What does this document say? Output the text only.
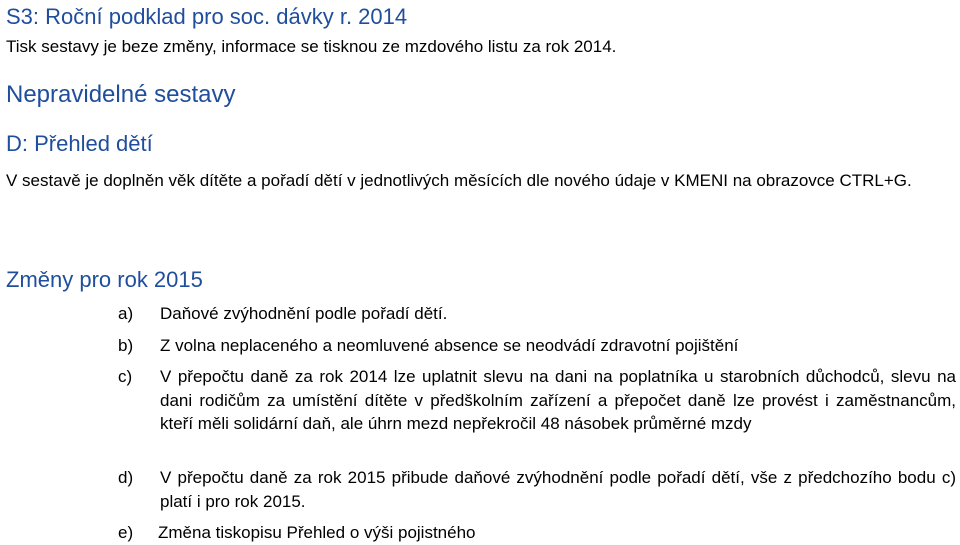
S3: Roční podklad pro soc. dávky r. 2014
Tisk sestavy je beze změny, informace se tisknou ze mzdového listu za rok 2014.
Nepravidelné sestavy
D: Přehled dětí
V sestavě je doplněn věk dítěte a pořadí dětí v jednotlivých měsících dle nového údaje v KMENI na obrazovce CTRL+G.
Změny pro rok 2015
a) Daňové zvýhodnění podle pořadí dětí.
b) Z volna neplaceného a neomluvené absence se neodvádí zdravotní pojištění
c) V přepočtu daně za rok 2014 lze uplatnit slevu na dani na poplatníka u starobních důchodců, slevu na dani rodičům za umístění dítěte v předškolním zařízení a přepočet daně lze provést i zaměstnancům, kteří měli solidární daň, ale úhrn mezd nepřekročil 48 násobek průměrné mzdy
d) V přepočtu daně za rok 2015 přibude daňové zvýhodnění podle pořadí dětí, vše z předchozího bodu c) platí i pro rok 2015.
e) Změna tiskopisu Přehled o výši pojistného
